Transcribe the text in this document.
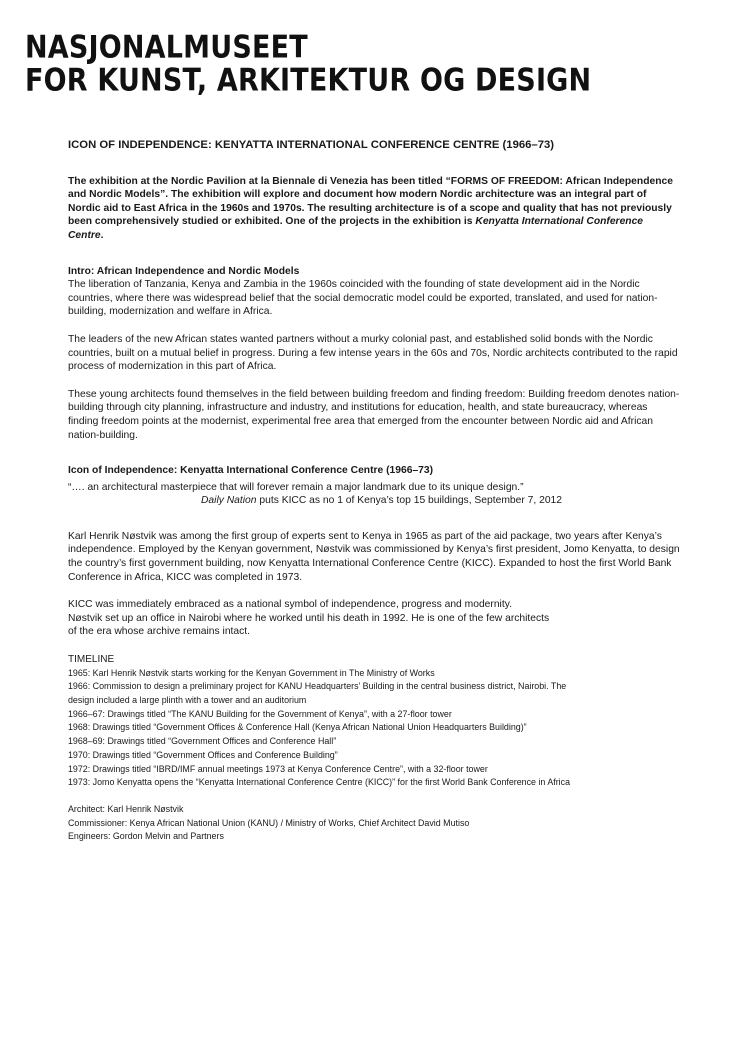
NASJONALMUSEET
FOR KUNST, ARKITEKTUR OG DESIGN
ICON OF INDEPENDENCE: KENYATTA INTERNATIONAL CONFERENCE CENTRE (1966–73)
The exhibition at the Nordic Pavilion at la Biennale di Venezia has been titled “FORMS OF FREEDOM: African Independence and Nordic Models”. The exhibition will explore and document how modern Nordic architecture was an integral part of Nordic aid to East Africa in the 1960s and 1970s. The resulting architecture is of a scope and quality that has not previously been comprehensively studied or exhibited. One of the projects in the exhibition is Kenyatta International Conference Centre.
Intro: African Independence and Nordic Models

The liberation of Tanzania, Kenya and Zambia in the 1960s coincided with the founding of state development aid in the Nordic countries, where there was widespread belief that the social democratic model could be exported, translated, and used for nation-building, modernization and welfare in Africa.

The leaders of the new African states wanted partners without a murky colonial past, and established solid bonds with the Nordic countries, built on a mutual belief in progress. During a few intense years in the 60s and 70s, Nordic architects contributed to the rapid process of modernization in this part of Africa.

These young architects found themselves in the field between building freedom and finding freedom: Building freedom denotes nation-building through city planning, infrastructure and industry, and institutions for education, health, and state bureaucracy, whereas finding freedom points at the modernist, experimental free area that emerged from the encounter between Nordic aid and African nation-building.

Icon of Independence: Kenyatta International Conference Centre (1966–73)
“…. an architectural masterpiece that will forever remain a major landmark due to its unique design.”
Daily Nation puts KICC as no 1 of Kenya’s top 15 buildings, September 7, 2012

Karl Henrik Nøstvik was among the first group of experts sent to Kenya in 1965 as part of the aid package, two years after Kenya’s independence. Employed by the Kenyan government, Nøstvik was commissioned by Kenya’s first president, Jomo Kenyatta, to design the country’s first government building, now Kenyatta International Conference Centre (KICC). Expanded to host the first World Bank Conference in Africa, KICC was completed in 1973.

KICC was immediately embraced as a national symbol of independence, progress and modernity.
Nøstvik set up an office in Nairobi where he worked until his death in 1992. He is one of the few architects
of the era whose archive remains intact.

TIMELINE
1965: Karl Henrik Nøstvik starts working for the Kenyan Government in The Ministry of Works
1966: Commission to design a preliminary project for KANU Headquarters’ Building in the central business district, Nairobi. The
design included a large plinth with a tower and an auditorium
1966–67: Drawings titled “The KANU Building for the Government of Kenya”, with a 27-floor tower
1968: Drawings titled “Government Offices & Conference Hall (Kenya African National Union Headquarters Building)”
1968–69: Drawings titled “Government Offices and Conference Hall”
1970: Drawings titled “Government Offices and Conference Building”
1972: Drawings titled “IBRD/IMF annual meetings 1973 at Kenya Conference Centre”, with a 32-floor tower
1973: Jomo Kenyatta opens the “Kenyatta International Conference Centre (KICC)” for the first World Bank Conference in Africa
Architect: Karl Henrik Nøstvik
Commissioner: Kenya African National Union (KANU) / Ministry of Works, Chief Architect David Mutiso
Engineers: Gordon Melvin and Partners
